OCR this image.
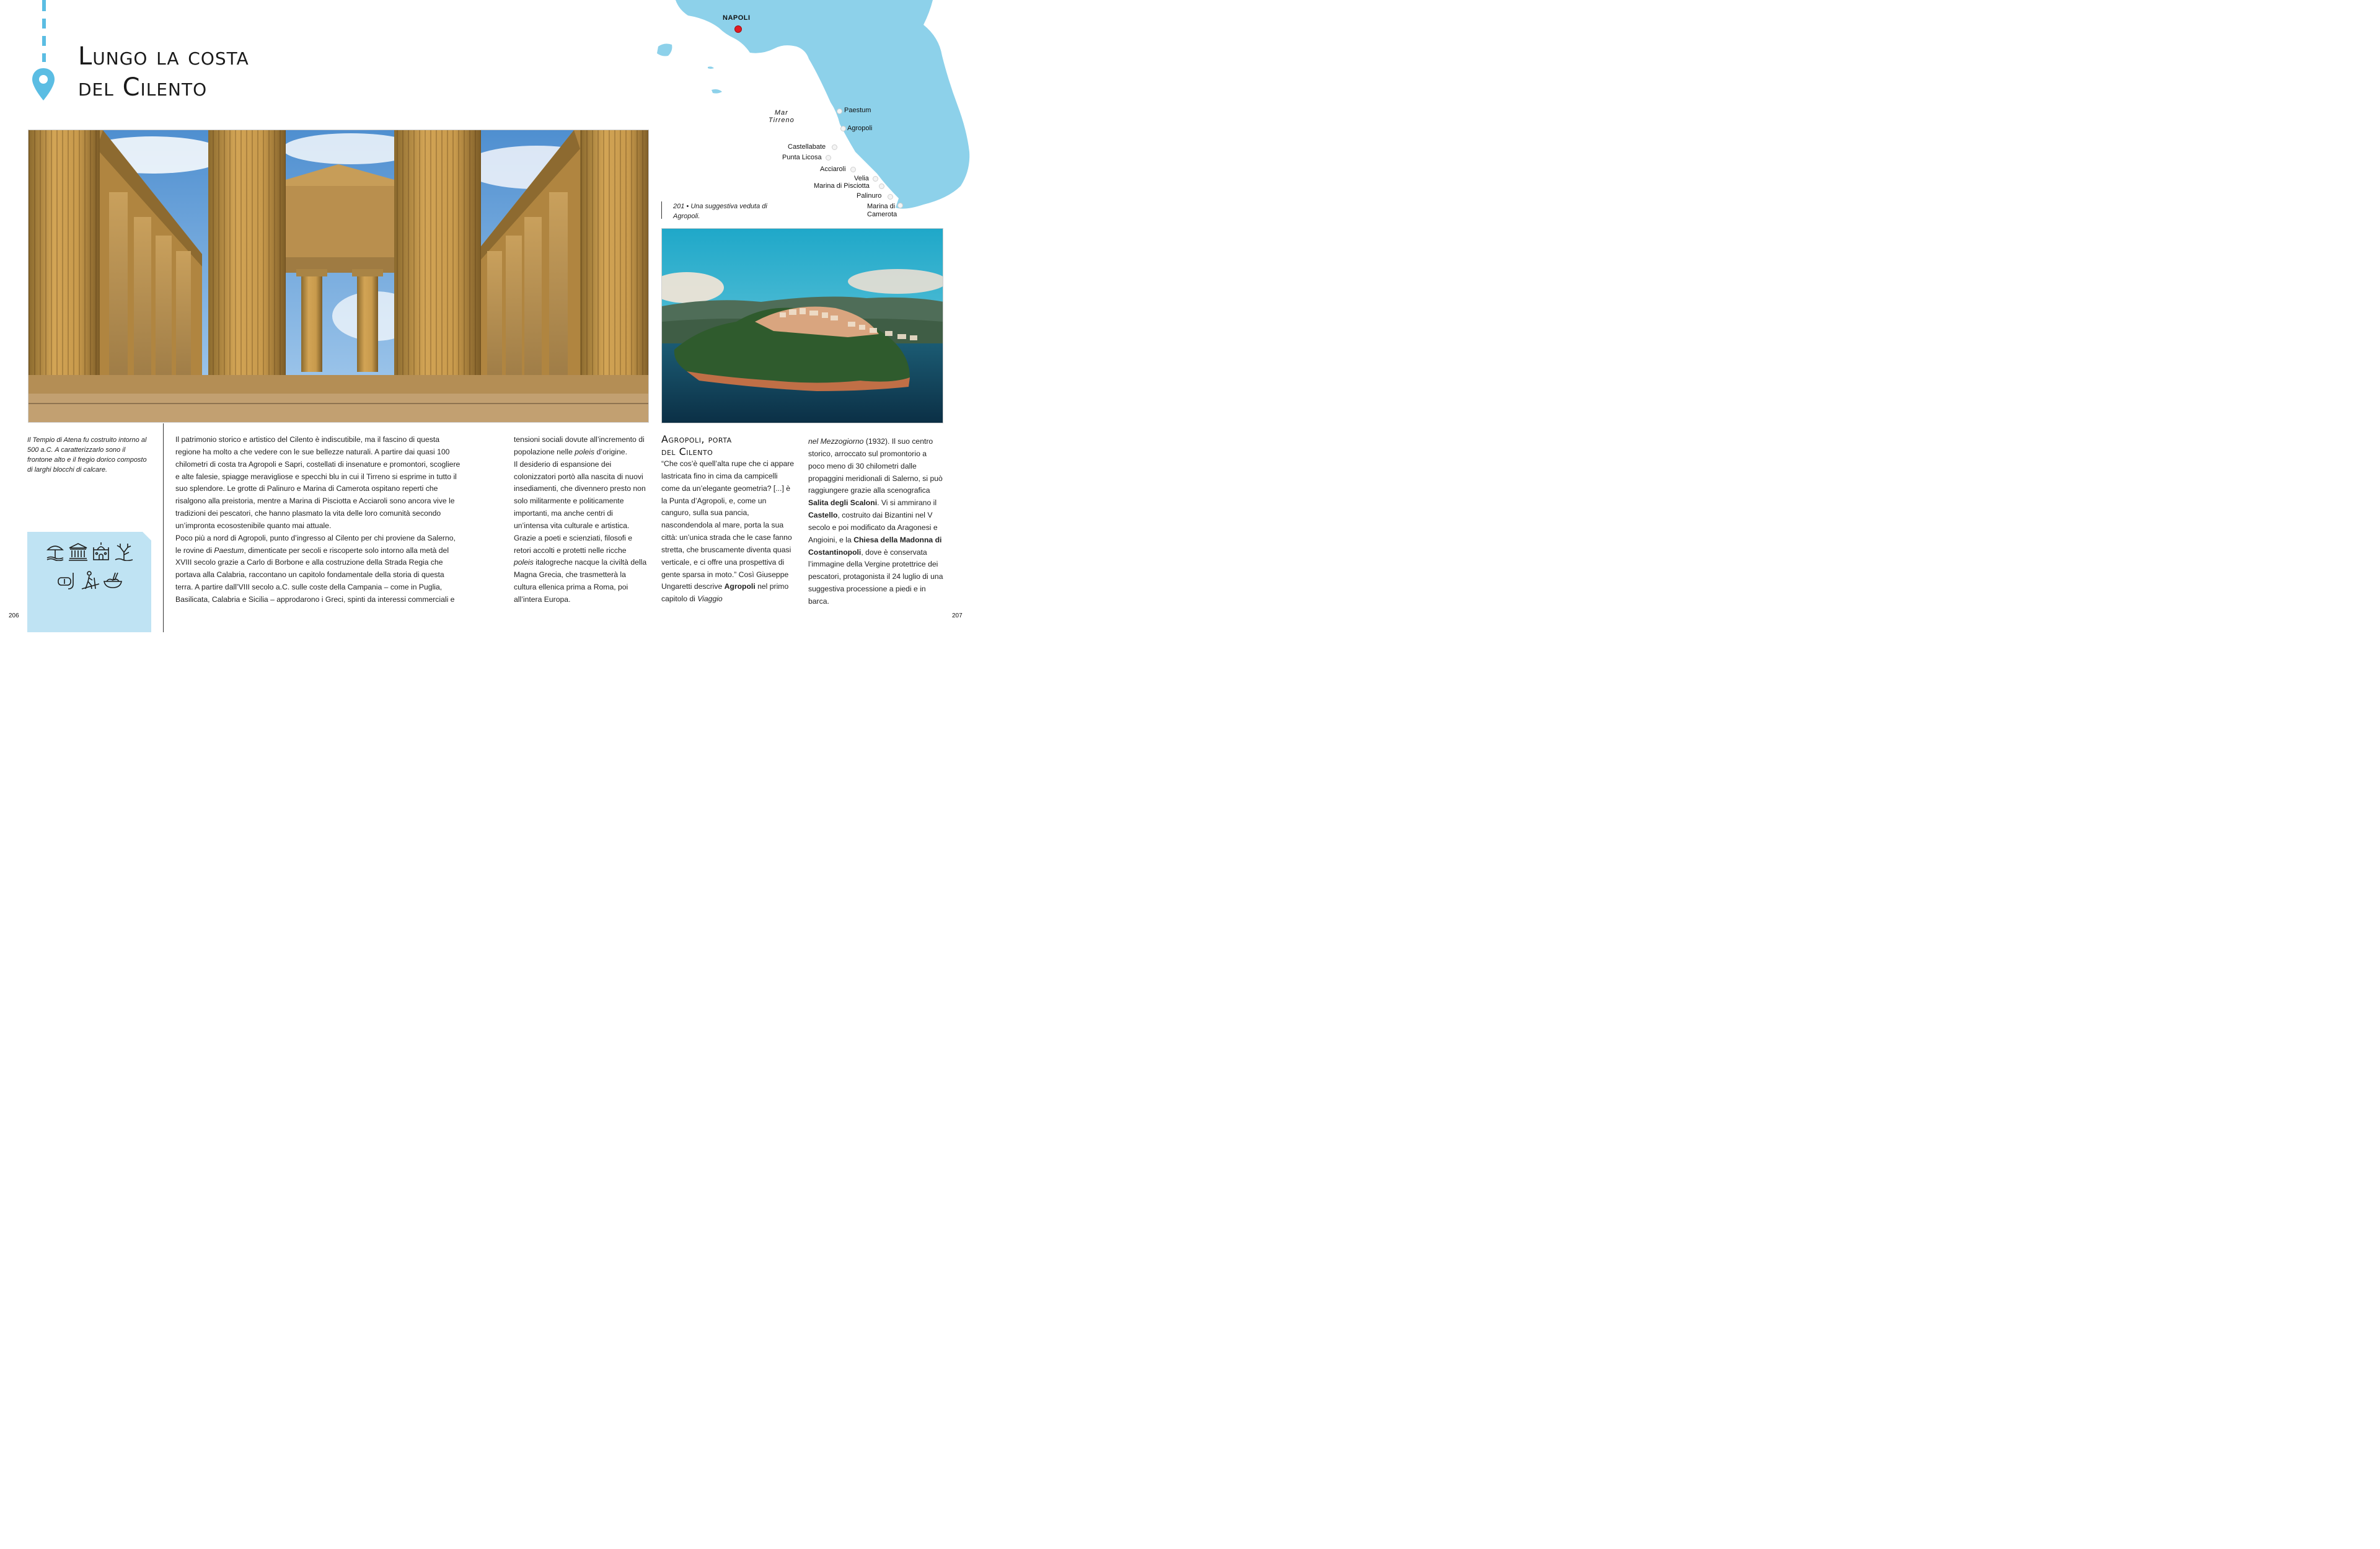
Lungo la costa
del Cilento
Il Tempio di Atena fu costruito intorno al 500 a.C. A caratterizzarlo sono il frontone alto e il fregio dorico composto di larghi blocchi di calcare.
206	207

Il patrimonio storico e artistico del Cilento è indiscutibile, ma il fascino di questa regione ha molto a che vedere con le sue bellezze naturali. A partire dai quasi 100 chilometri di costa tra Agropoli e Sapri, costellati di insenature e promontori, scogliere e alte falesie, spiagge meravigliose e specchi blu in cui il Tirreno si esprime in tutto il suo splendore. Le grotte di Palinuro e Marina di Camerota ospitano reperti che risalgono alla preistoria, mentre a Marina di Pisciotta e Acciaroli sono ancora vive le tradizioni dei pescatori, che hanno plasmato la vita delle loro comunità secondo un’impronta ecosostenibile quanto mai attuale.

Poco più a nord di Agropoli, punto d’ingresso al Cilento per chi proviene da Salerno, le rovine di Paestum, dimenticate per secoli e riscoperte solo intorno alla metà del XVIII secolo grazie a Carlo di Borbone e alla costruzione della Strada Regia che portava alla Calabria, raccontano un capitolo fondamentale della storia di questa terra. A partire dall’VIII secolo a.C. sulle coste della Campania – come in Puglia, Basilicata, Calabria e Sicilia – approdarono i Greci, spinti da interessi commerciali e

tensioni sociali dovute all’incremento di popolazione nelle poleis d’origine.

Il desiderio di espansione dei colonizzatori portò alla nascita di nuovi insediamenti, che divennero presto non solo militarmente e politicamente importanti, ma anche centri di un’intensa vita culturale e artistica. Grazie a poeti e scienziati, filosofi e retori accolti e protetti nelle ricche poleis italogreche nacque la civiltà della Magna Grecia, che trasmetterà la cultura ellenica prima a Roma, poi all’intera Europa.

NAPOLI
Mar
Tirreno
Paestum
Agropoli
Castellabate
Punta Licosa
Acciaroli
Velia
Marina di Pisciotta
Palinuro
Marina di
Camerota
201 • Una suggestiva veduta di Agropoli.
Agropoli, porta
del Cilento

“Che cos’è quell’alta rupe che ci appare lastricata fino in cima da campicelli come da un’elegante geometria? [...] è la Punta d’Agropoli, e, come un canguro, sulla sua pancia, nascondendola al mare, porta la sua città: un’unica strada che le case fanno stretta, che bruscamente diventa quasi verticale, e ci offre una prospettiva di gente sparsa in moto.” Così Giuseppe Ungaretti descrive Agropoli nel primo capitolo di Viaggio

nel Mezzogiorno (1932). Il suo centro storico, arroccato sul promontorio a poco meno di 30 chilometri dalle propaggini meridionali di Salerno, si può raggiungere grazie alla scenografica Salita degli Scaloni. Vi si ammirano il Castello, costruito dai Bizantini nel V secolo e poi modificato da Aragonesi e Angioini, e la Chiesa della Madonna di Costantinopoli, dove è conservata l’immagine della Vergine protettrice dei pescatori, protagonista il 24 luglio di una suggestiva processione a piedi e in barca.
